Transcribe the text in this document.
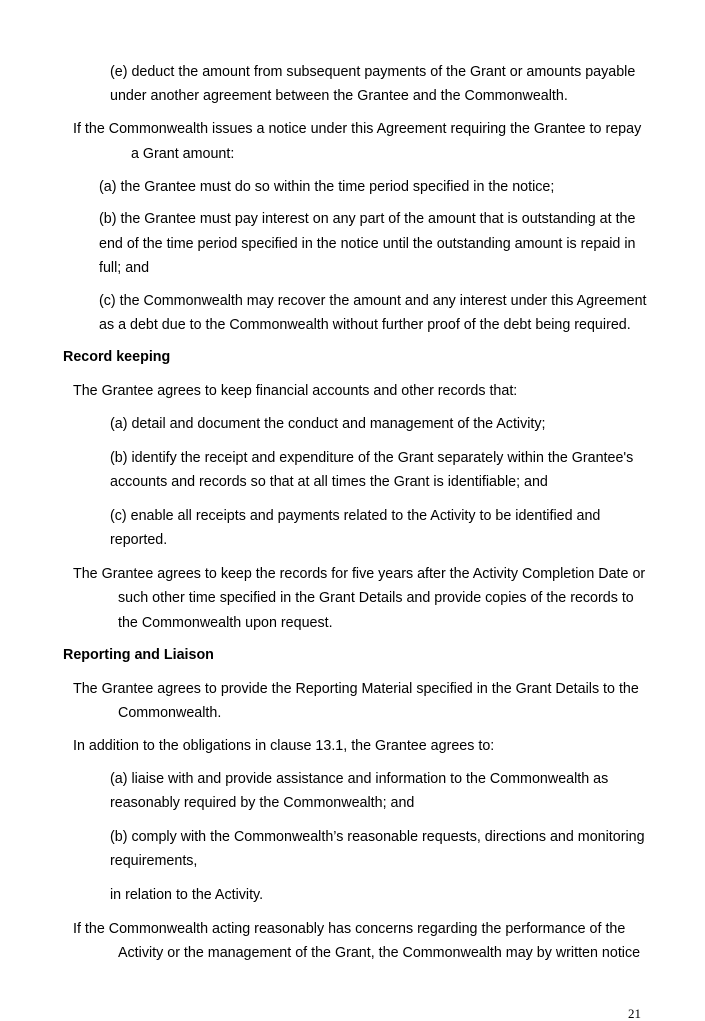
(e) deduct the amount from subsequent payments of the Grant or amounts payable

under another agreement between the Grantee and the Commonwealth.

If the Commonwealth issues a notice under this Agreement requiring the Grantee to repay

a Grant amount:

(a) the Grantee must do so within the time period specified in the notice;

(b) the Grantee must pay interest on any part of the amount that is outstanding at the

end of the time period specified in the notice until the outstanding amount is repaid in

full; and

(c) the Commonwealth may recover the amount and any interest under this Agreement

as a debt due to the Commonwealth without further proof of the debt being required.

Record keeping

The Grantee agrees to keep financial accounts and other records that:

(a) detail and document the conduct and management of the Activity;

(b) identify the receipt and expenditure of the Grant separately within the Grantee's

accounts and records so that at all times the Grant is identifiable; and

(c) enable all receipts and payments related to the Activity to be identified and

reported.

The Grantee agrees to keep the records for five years after the Activity Completion Date or

such other time specified in the Grant Details and provide copies of the records to

the Commonwealth upon request.

Reporting and Liaison

The Grantee agrees to provide the Reporting Material specified in the Grant Details to the

Commonwealth.

In addition to the obligations in clause 13.1, the Grantee agrees to:

(a) liaise with and provide assistance and information to the Commonwealth as

reasonably required by the Commonwealth; and

(b) comply with the Commonwealth’s reasonable requests, directions and monitoring

requirements,

in relation to the Activity.

If the Commonwealth acting reasonably has concerns regarding the performance of the

Activity or the management of the Grant, the Commonwealth may by written notice

21
